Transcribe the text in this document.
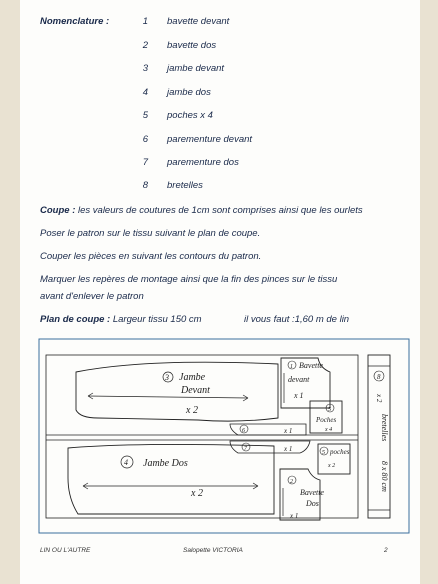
Nomenclature :	1 bavette devant
2 bavette dos
3 jambe devant
4 jambe dos
5 poches x 4
6 parementure devant
7 parementure dos
8 bretelles
Coupe : les valeurs de coutures de 1cm sont comprises ainsi que les ourlets
Poser le patron sur le tissu suivant le plan de coupe.
Couper les pièces en suivant les contours du patron.
Marquer les repères de montage ainsi que la fin des pinces sur le tissu
avant d'enlever le patron
Plan de coupe : Largeur tissu 150 cm	il vous faut :1,60 m de lin
3 Jambe
Devant
x 2
4 Jambe Dos
x 2
1 Bavette
devant
x 1
5
Poches
x 4
6	x 1
7	x 1	5 poches
x 2
2
Bavette
Dos
x 1
8
x 2
bretelles
8 x 80 cm
LIN OU L'AUTRE	Salopette VICTORIA	2
